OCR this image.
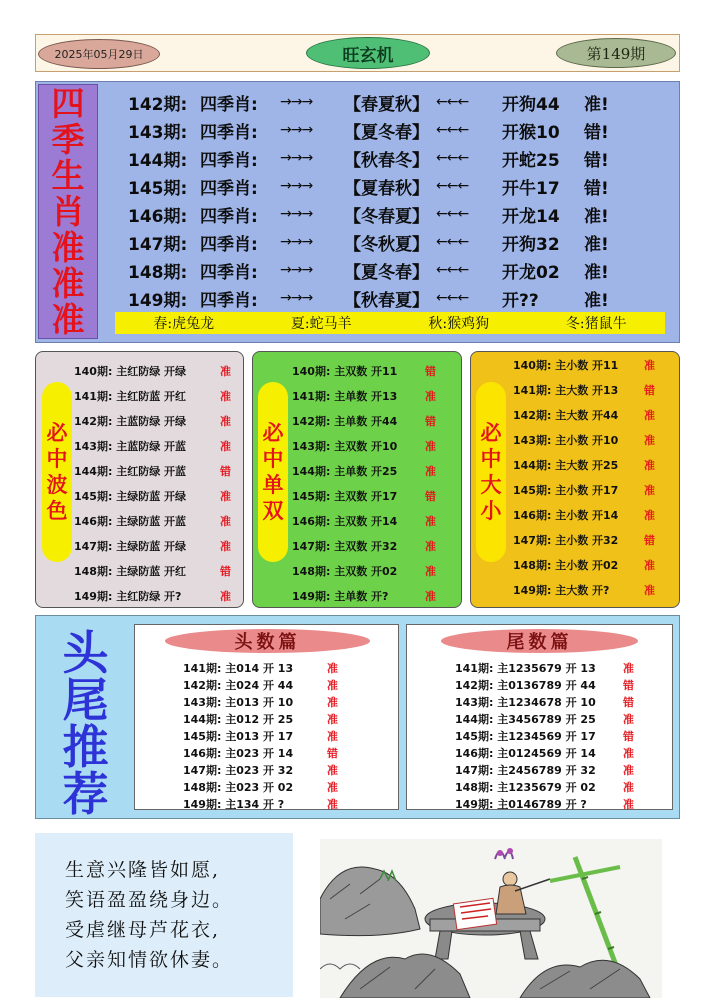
2025年05月29日	旺玄机	第149期
四
季
生
肖
准
准
准
142期: 四季肖:	→→→	【春夏秋】 ←←←	开狗44	准!
143期: 四季肖:	→→→	【夏冬春】 ←←←	开猴10	错!
144期: 四季肖:	→→→	【秋春冬】 ←←←	开蛇25	错!
145期: 四季肖:	→→→	【夏春秋】 ←←←	开牛17	错!
146期: 四季肖:	→→→	【冬春夏】 ←←←	开龙14	准!
147期: 四季肖:	→→→	【冬秋夏】 ←←←	开狗32	准!
148期: 四季肖:	→→→	【夏冬春】 ←←←	开龙02	准!
149期: 四季肖:	→→→	【秋春夏】 ←←←	开??	准!
春:虎兔龙	夏:蛇马羊	秋:猴鸡狗	冬:猪鼠牛
必
中
波
色
140期: 主红防绿 开绿	准
141期: 主红防蓝 开红	准
142期: 主蓝防绿 开绿	准
143期: 主蓝防绿 开蓝	准
144期: 主红防绿 开蓝	错
145期: 主绿防蓝 开绿	准
146期: 主绿防蓝 开蓝	准
147期: 主绿防蓝 开绿	准
148期: 主绿防蓝 开红	错
149期: 主红防绿 开?	准
必
中
单
双
140期: 主双数 开11	错
141期: 主单数 开13	准
142期: 主单数 开44	错
143期: 主双数 开10	准
144期: 主单数 开25	准
145期: 主双数 开17	错
146期: 主双数 开14	准
147期: 主双数 开32	准
148期: 主双数 开02	准
149期: 主单数 开?	准
必
中
大
小
140期: 主小数 开11	准
141期: 主大数 开13	错
142期: 主大数 开44	准
143期: 主小数 开10	准
144期: 主大数 开25	准
145期: 主小数 开17	准
146期: 主小数 开14	准
147期: 主小数 开32	错
148期: 主小数 开02	准
149期: 主大数 开?	准
头
尾
推
荐
头数篇
141期: 主014 开 13	准
142期: 主024 开 44	准
143期: 主013 开 10	准
144期: 主012 开 25	准
145期: 主013 开 17	准
146期: 主023 开 14	错
147期: 主023 开 32	准
148期: 主023 开 02	准
149期: 主134 开 ?	准
尾数篇
141期: 主1235679 开 13	准
142期: 主0136789 开 44	错
143期: 主1234678 开 10	错
144期: 主3456789 开 25	准
145期: 主1234569 开 17	错
146期: 主0124569 开 14	准
147期: 主2456789 开 32	准
148期: 主1235679 开 02	准
149期: 主0146789 开 ?	准
生意兴隆皆如愿,
笑语盈盈绕身边。
受虐继母芦花衣,
父亲知情欲休妻。
